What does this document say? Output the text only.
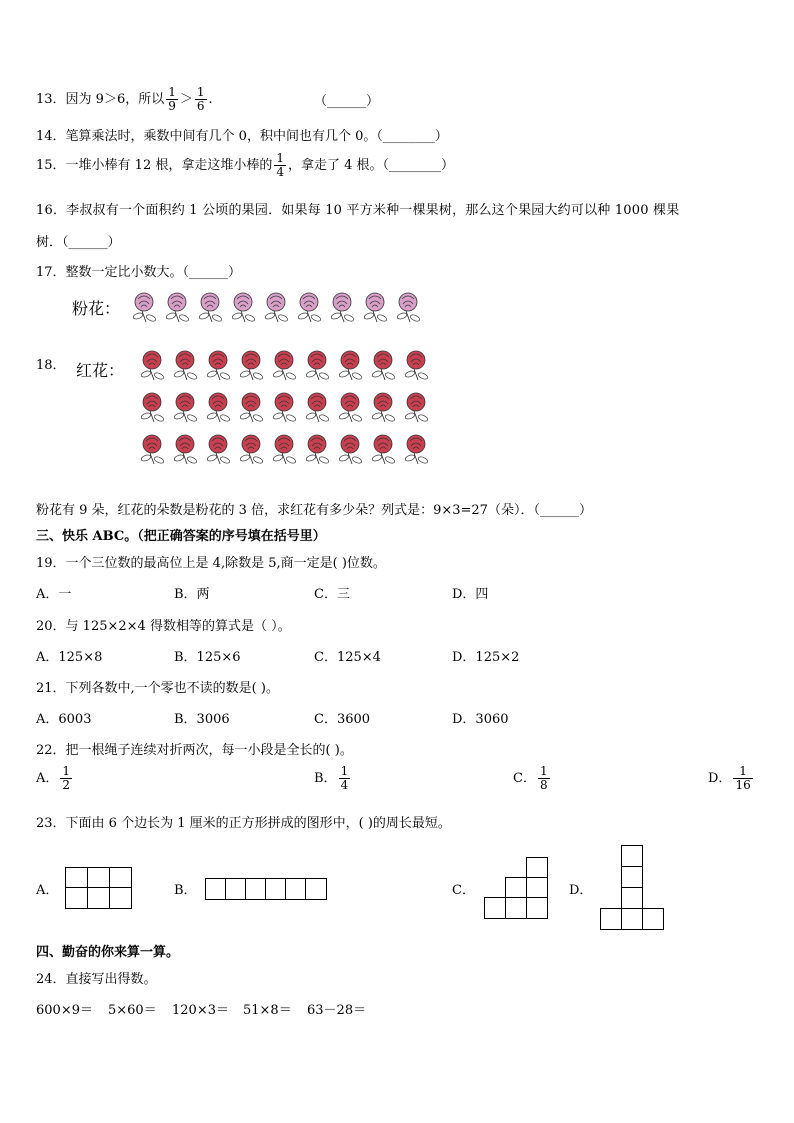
13．因为 9＞6，所以 $\frac{1}{9} > \frac{1}{6}$ .	（______）
14．笔算乘法时，乘数中间有几个 0，积中间也有几个 0。（________）
15．一堆小棒有 12 根，拿走这堆小棒的 $\frac{1}{4}$ ，拿走了 4 根。（________）
16．李叔叔有一个面积约 1 公顷的果园．如果每 10 平方米种一棵果树，那么这个果园大约可以种 1000 棵果
树．（______）
17．整数一定比小数大。（______）
粉花：
红花：
18．
粉花有 9 朵，红花的朵数是粉花的 3 倍，求红花有多少朵？列式是：9×3=27（朵）．（______）
三、快乐 ABC。（把正确答案的序号填在括号里）
19．一个三位数的最高位上是 4,除数是 5,商一定是( )位数。
A．一	B．两	C．三	D．四
20．与 125×2×4 得数相等的算式是（ ）。
A．125×8	B．125×6	C．125×4	D．125×2
21．下列各数中,一个零也不读的数是( )。
A．6003	B．3006	C．3600	D．3060
22．把一根绳子连续对折两次，每一小段是全长的( )。
A． $\frac{1}{2}$	B． $\frac{1}{4}$	C． $\frac{1}{8}$	D． $\frac{1}{16}$
23．下面由 6 个边长为 1 厘米的正方形拼成的图形中，( )的周长最短。
A．	B．	C．	D．
四、勤奋的你来算一算。
24．直接写出得数。
600×9＝ 5×60＝ 120×3＝ 51×8＝ 63－28＝
